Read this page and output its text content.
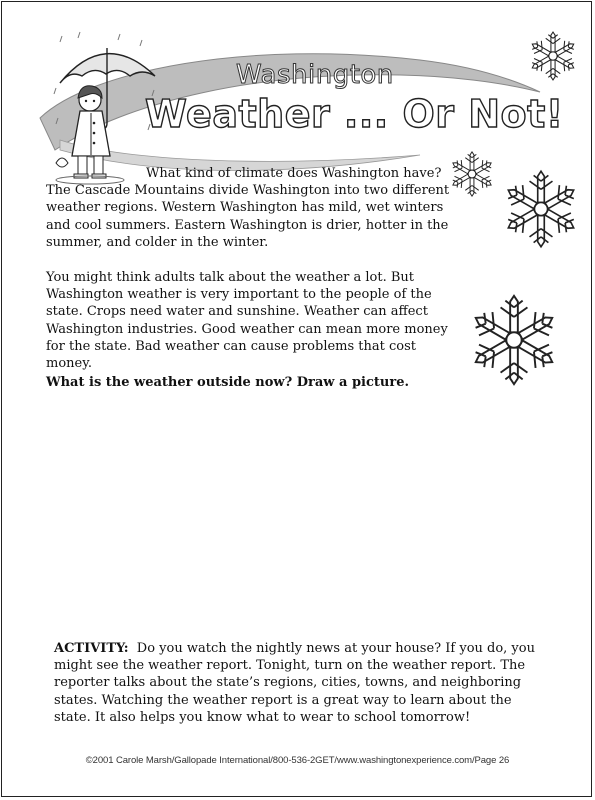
Washington
Weather ... Or Not!

What kind of climate does Washington have? The Cascade Mountains divide Washington into two different weather regions. Western Washington has mild, wet winters and cool summers. Eastern Washington is drier, hotter in the summer, and colder in the winter.

You might think adults talk about the weather a lot. But Washington weather is very important to the people of the state. Crops need water and sunshine. Weather can affect Washington industries. Good weather can mean more money for the state. Bad weather can cause problems that cost money.

What is the weather outside now? Draw a picture.

ACTIVITY: Do you watch the nightly news at your house? If you do, you might see the weather report. Tonight, turn on the weather report. The reporter talks about the state’s regions, cities, towns, and neighboring states. Watching the weather report is a great way to learn about the state. It also helps you know what to wear to school tomorrow!

©2001 Carole Marsh/Gallopade International/800-536-2GET/www.washingtonexperience.com/Page 26
